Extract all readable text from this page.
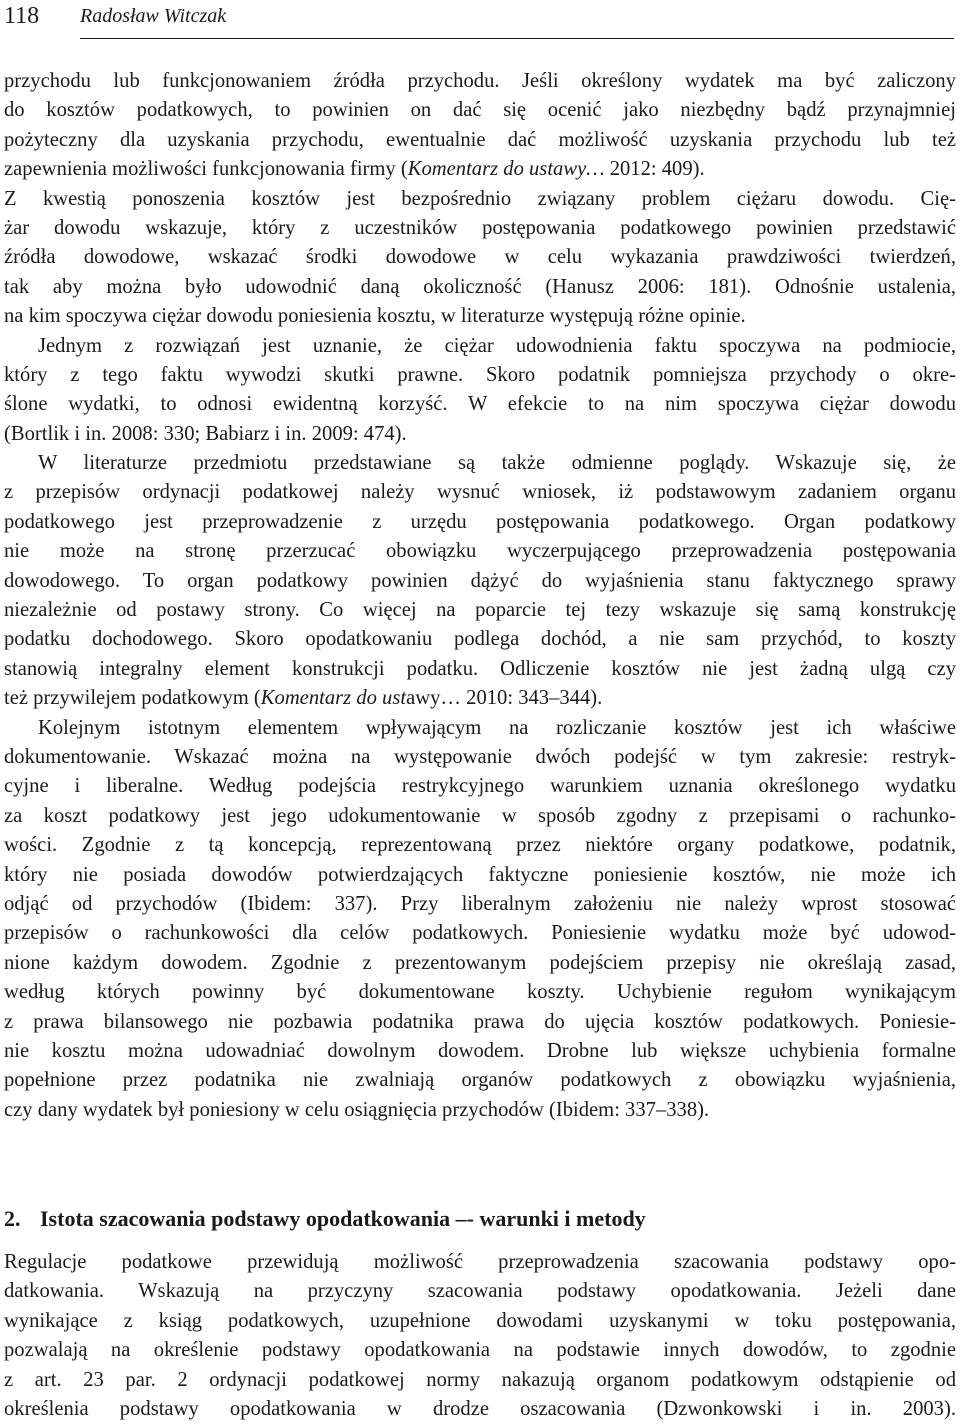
118 Radosław Witczak
przychodu lub funkcjonowaniem źródła przychodu. Jeśli określony wydatek ma być zaliczony
do kosztów podatkowych, to powinien on dać się ocenić jako niezbędny bądź przynajmniej
pożyteczny dla uzyskania przychodu, ewentualnie dać możliwość uzyskania przychodu lub też
zapewnienia możliwości funkcjonowania firmy (Komentarz do ustawy… 2012: 409).
Z kwestią ponoszenia kosztów jest bezpośrednio związany problem ciężaru dowodu. Cię-
żar dowodu wskazuje, który z uczestników postępowania podatkowego powinien przedstawić
źródła dowodowe, wskazać środki dowodowe w celu wykazania prawdziwości twierdzeń,
tak aby można było udowodnić daną okoliczność (Hanusz 2006: 181). Odnośnie ustalenia,
na kim spoczywa ciężar dowodu poniesienia kosztu, w literaturze występują różne opinie.
Jednym z rozwiązań jest uznanie, że ciężar udowodnienia faktu spoczywa na podmiocie,
który z tego faktu wywodzi skutki prawne. Skoro podatnik pomniejsza przychody o okre-
ślone wydatki, to odnosi ewidentną korzyść. W efekcie to na nim spoczywa ciężar dowodu
(Bortlik i in. 2008: 330; Babiarz i in. 2009: 474).
W literaturze przedmiotu przedstawiane są także odmienne poglądy. Wskazuje się, że
z przepisów ordynacji podatkowej należy wysnuć wniosek, iż podstawowym zadaniem organu
podatkowego jest przeprowadzenie z urzędu postępowania podatkowego. Organ podatkowy
nie może na stronę przerzucać obowiązku wyczerpującego przeprowadzenia postępowania
dowodowego. To organ podatkowy powinien dążyć do wyjaśnienia stanu faktycznego sprawy
niezależnie od postawy strony. Co więcej na poparcie tej tezy wskazuje się samą konstrukcję
podatku dochodowego. Skoro opodatkowaniu podlega dochód, a nie sam przychód, to koszty
stanowią integralny element konstrukcji podatku. Odliczenie kosztów nie jest żadną ulgą czy
też przywilejem podatkowym (Komentarz do ustawy… 2010: 343–344).
Kolejnym istotnym elementem wpływającym na rozliczanie kosztów jest ich właściwe
dokumentowanie. Wskazać można na występowanie dwóch podejść w tym zakresie: restryk-
cyjne i liberalne. Według podejścia restrykcyjnego warunkiem uznania określonego wydatku
za koszt podatkowy jest jego udokumentowanie w sposób zgodny z przepisami o rachunko-
wości. Zgodnie z tą koncepcją, reprezentowaną przez niektóre organy podatkowe, podatnik,
który nie posiada dowodów potwierdzających faktyczne poniesienie kosztów, nie może ich
odjąć od przychodów (Ibidem: 337). Przy liberalnym założeniu nie należy wprost stosować
przepisów o rachunkowości dla celów podatkowych. Poniesienie wydatku może być udowod-
nione każdym dowodem. Zgodnie z prezentowanym podejściem przepisy nie określają zasad,
według których powinny być dokumentowane koszty. Uchybienie regułom wynikającym
z prawa bilansowego nie pozbawia podatnika prawa do ujęcia kosztów podatkowych. Poniesie-
nie kosztu można udowadniać dowolnym dowodem. Drobne lub większe uchybienia formalne
popełnione przez podatnika nie zwalniają organów podatkowych z obowiązku wyjaśnienia,
czy dany wydatek był poniesiony w celu osiągnięcia przychodów (Ibidem: 337–338).
2. Istota szacowania podstawy opodatkowania –- warunki i metody
Regulacje podatkowe przewidują możliwość przeprowadzenia szacowania podstawy opo-
datkowania. Wskazują na przyczyny szacowania podstawy opodatkowania. Jeżeli dane
wynikające z ksiąg podatkowych, uzupełnione dowodami uzyskanymi w toku postępowania,
pozwalają na określenie podstawy opodatkowania na podstawie innych dowodów, to zgodnie
z art. 23 par. 2 ordynacji podatkowej normy nakazują organom podatkowym odstąpienie od
określenia podstawy opodatkowania w drodze oszacowania (Dzwonkowski i in. 2003).
